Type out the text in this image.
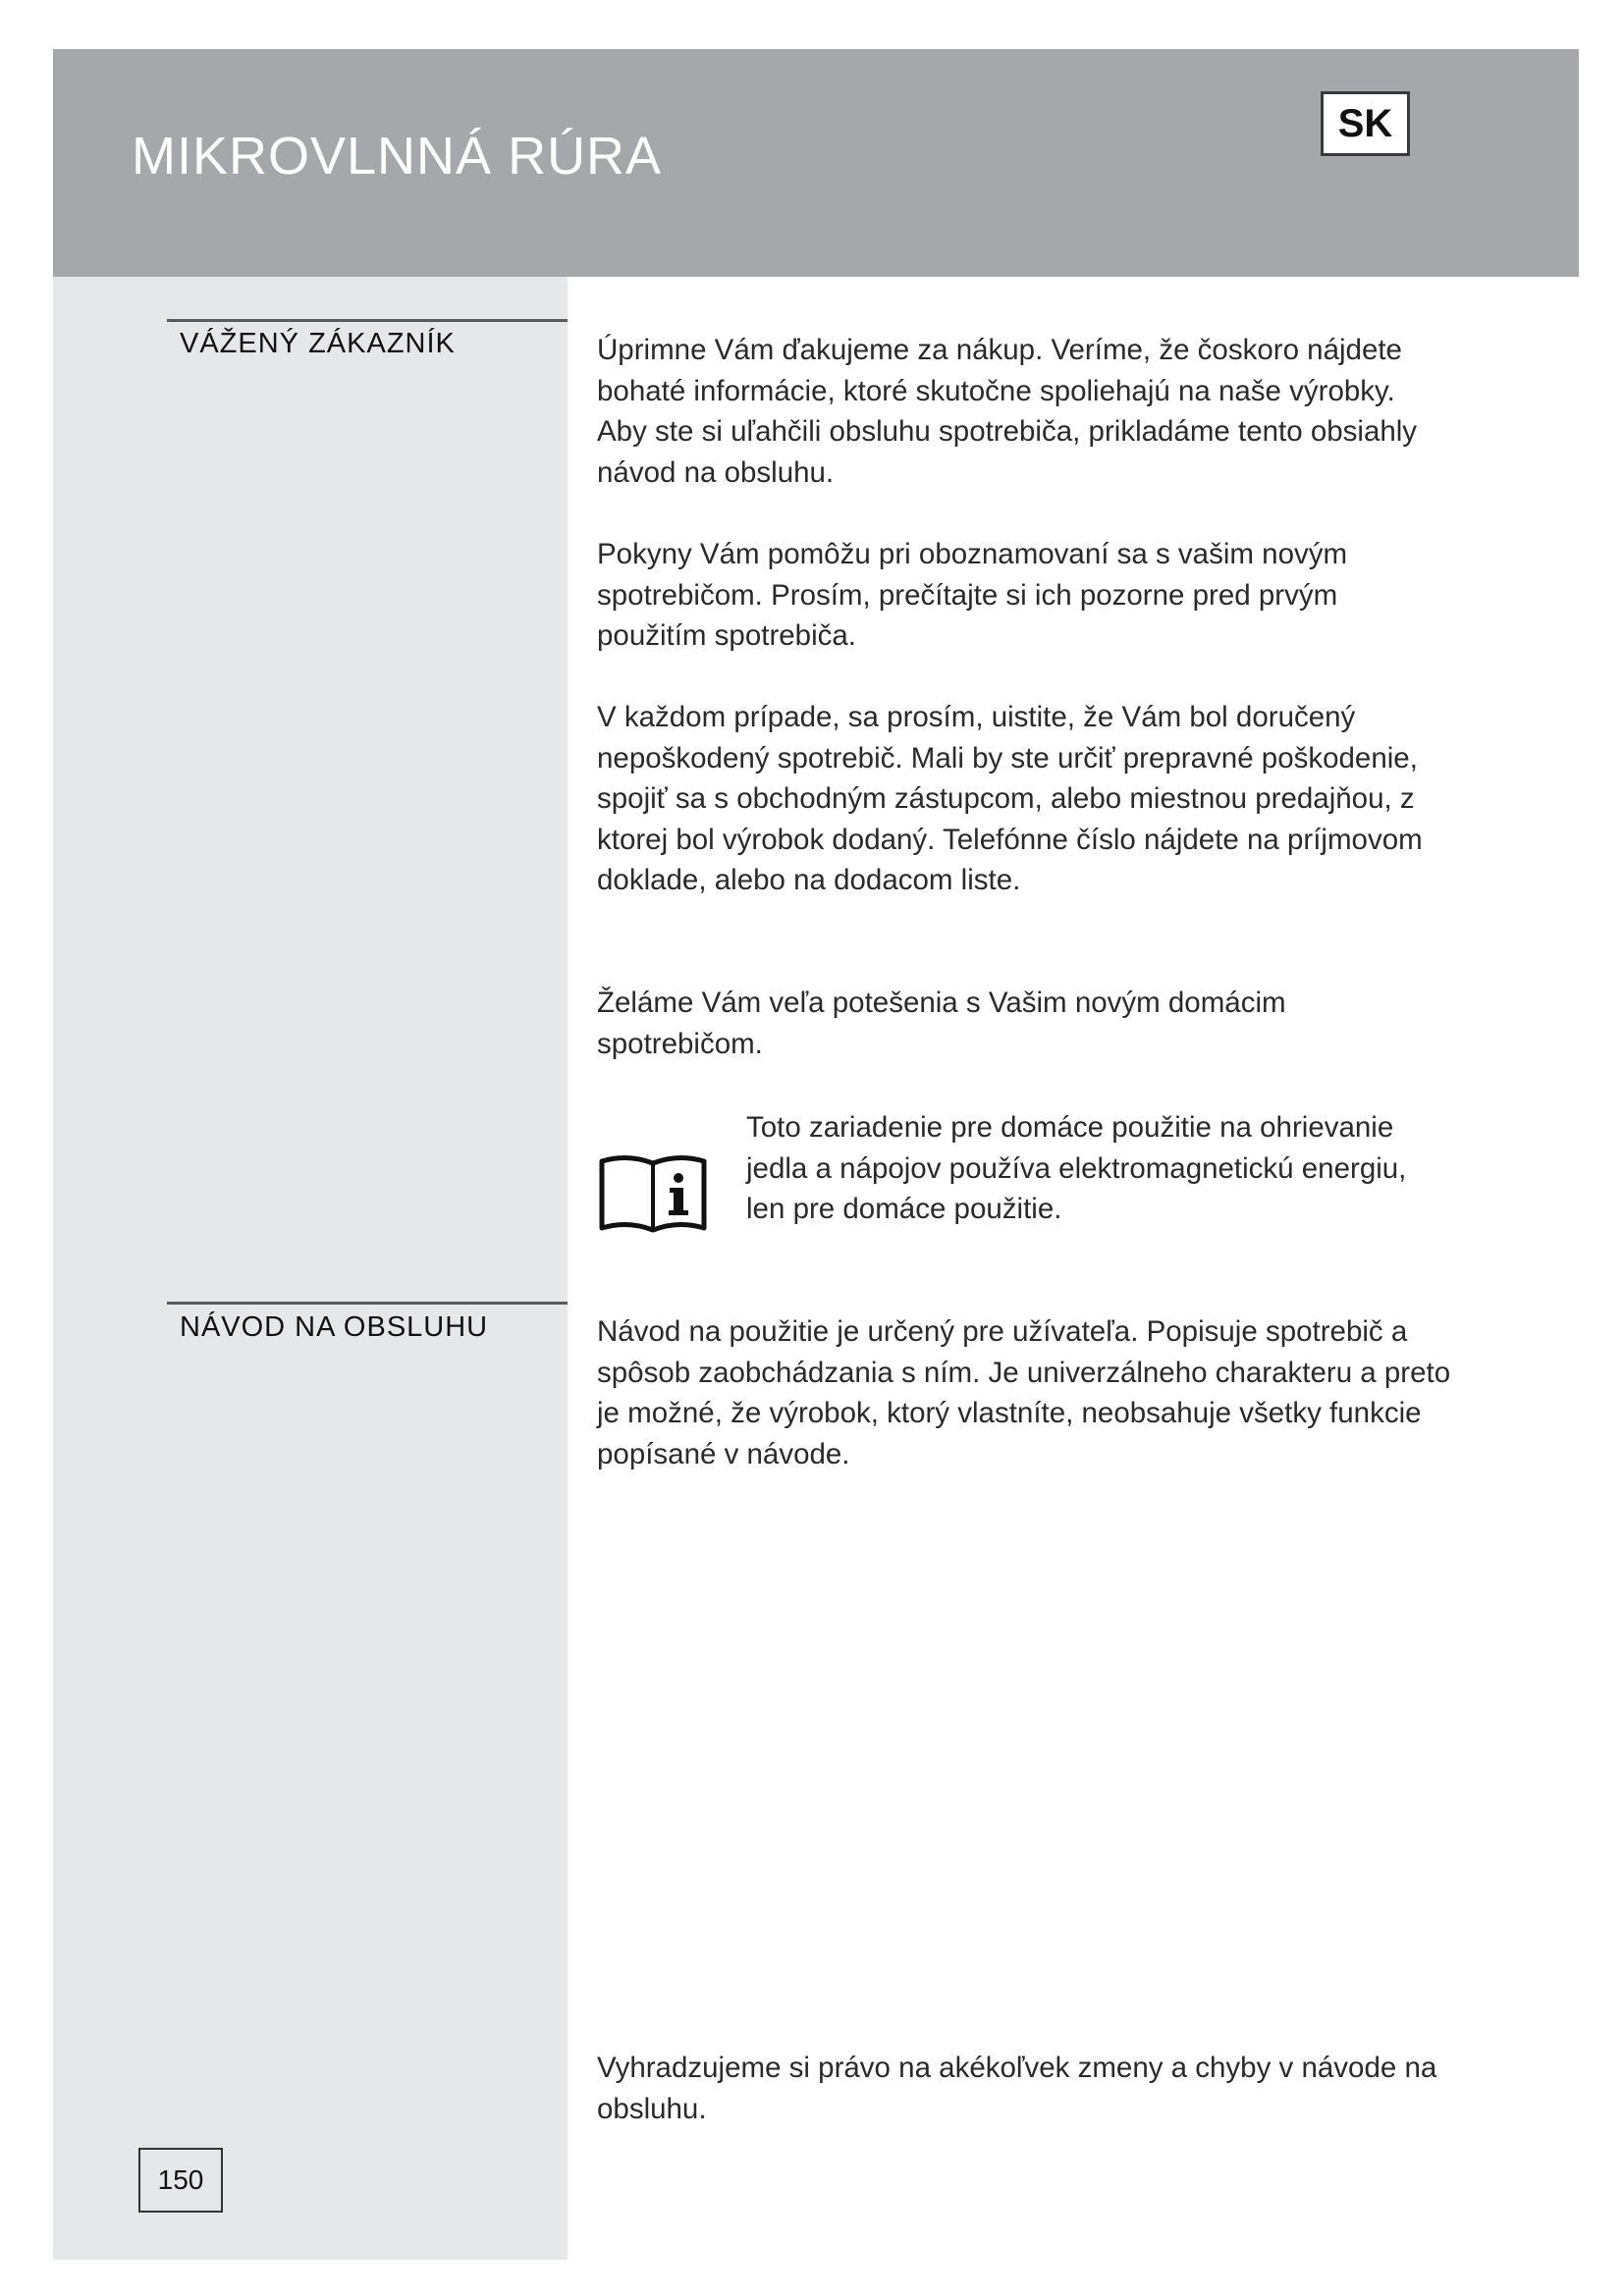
MIKROVLNNÁ RÚRA
SK
VÁŽENÝ ZÁKAZNÍK	Úprimne Vám ďakujeme za nákup. Veríme, že čoskoro nájdete bohaté informácie, ktoré skutočne spoliehajú na naše výrobky. Aby ste si uľahčili obsluhu spotrebiča, prikladáme tento obsiahly návod na obsluhu.

Pokyny Vám pomôžu pri oboznamovaní sa s vašim novým spotrebičom. Prosím, prečítajte si ich pozorne pred prvým použitím spotrebiča.

V každom prípade, sa prosím, uistite, že Vám bol doručený nepoškodený spotrebič. Mali by ste určiť prepravné poškodenie, spojiť sa s obchodným zástupcom, alebo miestnou predajňou, z ktorej bol výrobok dodaný. Telefónne číslo nájdete na príjmovom doklade, alebo na dodacom liste.

Želáme Vám veľa potešenia s Vašim novým domácim spotrebičom.

Toto zariadenie pre domáce použitie na ohrievanie jedla a nápojov používa elektromagnetickú energiu, len pre domáce použitie.

NÁVOD NA OBSLUHU	Návod na použitie je určený pre užívateľa. Popisuje spotrebič a spôsob zaobchádzania s ním. Je univerzálneho charakteru a preto je možné, že výrobok, ktorý vlastníte, neobsahuje všetky funkcie popísané v návode.

Vyhradzujeme si právo na akékoľvek zmeny a chyby v návode na obsluhu.

150
